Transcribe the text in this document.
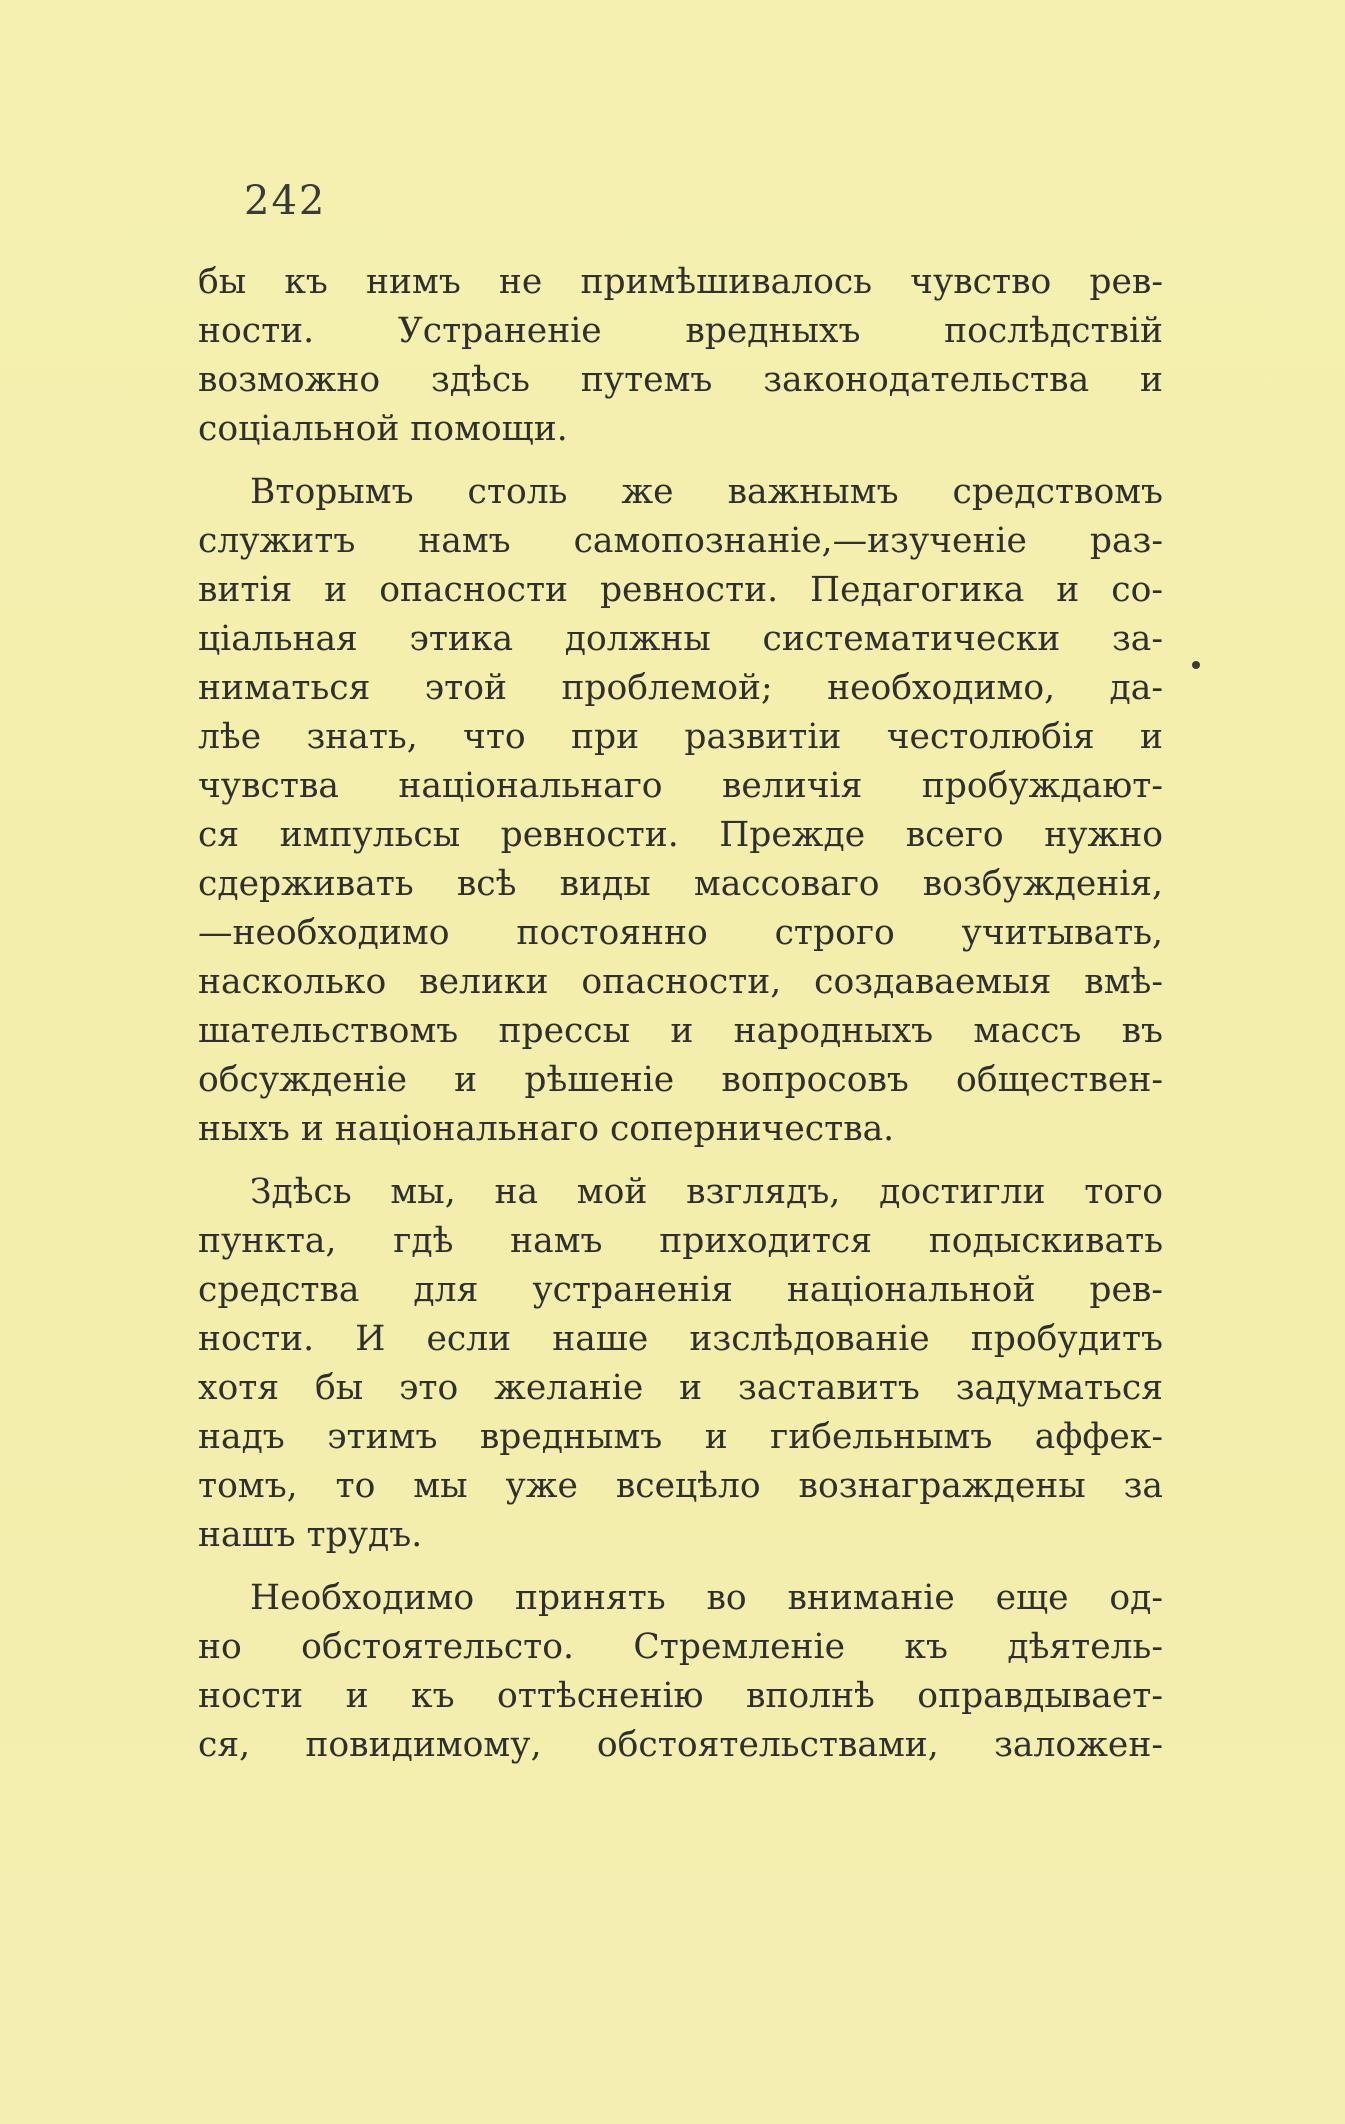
242
бы къ нимъ не примѣшивалось чувство рев-
ности. Устраненіе вредныхъ послѣдствій
возможно здѣсь путемъ законодательства и
соціальной помощи.
Вторымъ столь же важнымъ средствомъ
служитъ намъ самопознаніе,—изученіе раз-
витія и опасности ревности. Педагогика и со-
ціальная этика должны систематически за-
ниматься этой проблемой; необходимо, да-
лѣе знать, что при развитіи честолюбія и
чувства національнаго величія пробуждают-
ся импульсы ревности. Прежде всего нужно
сдерживать всѣ виды массоваго возбужденія,
—необходимо постоянно строго учитывать,
насколько велики опасности, создаваемыя вмѣ-
шательствомъ прессы и народныхъ массъ въ
обсужденіе и рѣшеніе вопросовъ обществен-
ныхъ и національнаго соперничества.
Здѣсь мы, на мой взглядъ, достигли того
пункта, гдѣ намъ приходится подыскивать
средства для устраненія національной рев-
ности. И если наше изслѣдованіе пробудитъ
хотя бы это желаніе и заставитъ задуматься
надъ этимъ вреднымъ и гибельнымъ аффек-
томъ, то мы уже всецѣло вознаграждены за
нашъ трудъ.
Необходимо принять во вниманіе еще од-
но обстоятельсто. Стремленіе къ дѣятель-
ности и къ оттѣсненію вполнѣ оправдывает-
ся, повидимому, обстоятельствами, заложен-
